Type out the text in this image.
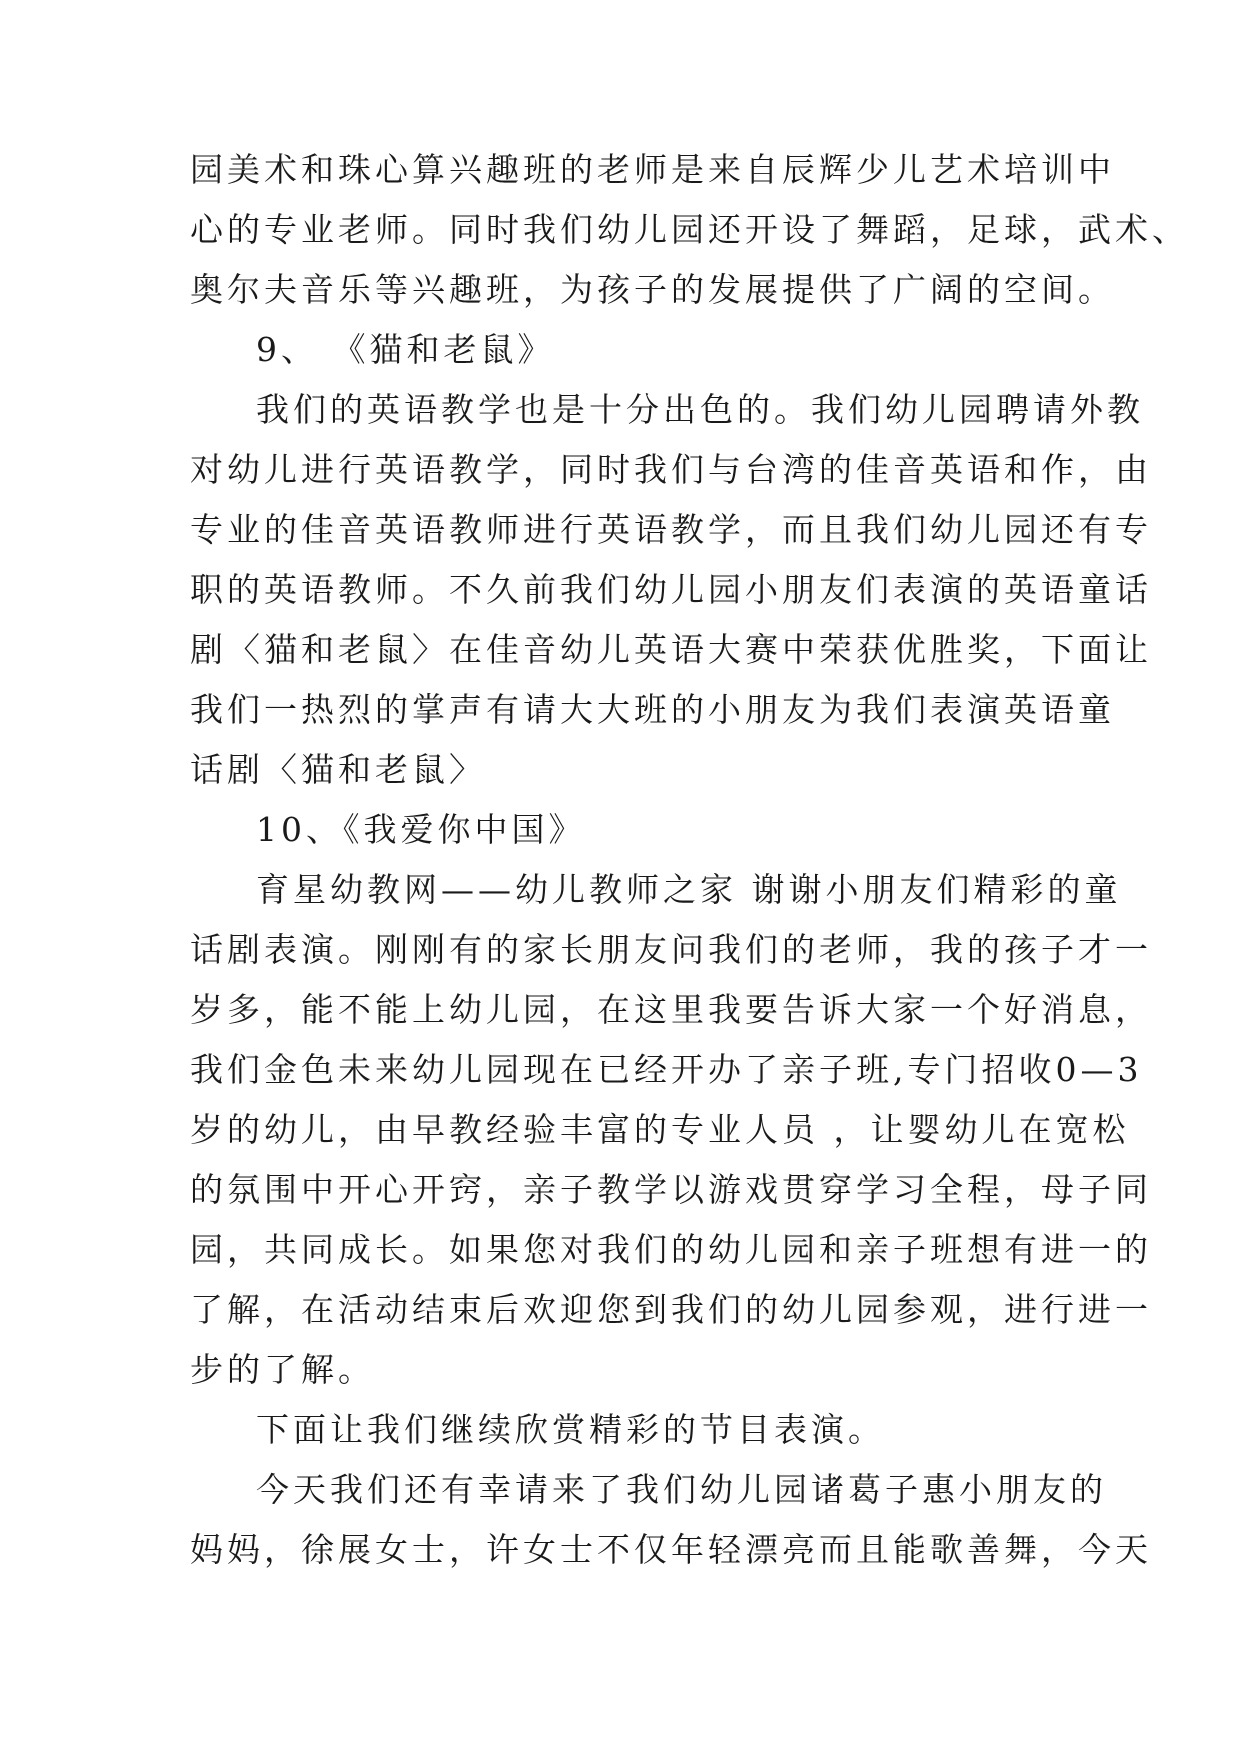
园美术和珠心算兴趣班的老师是来自辰辉少儿艺术培训中
心的专业老师。同时我们幼儿园还开设了舞蹈，足球，武术、
奥尔夫音乐等兴趣班，为孩子的发展提供了广阔的空间。
9、 《猫和老鼠》
我们的英语教学也是十分出色的。我们幼儿园聘请外教
对幼儿进行英语教学，同时我们与台湾的佳音英语和作，由
专业的佳音英语教师进行英语教学，而且我们幼儿园还有专
职的英语教师。不久前我们幼儿园小朋友们表演的英语童话
剧〈猫和老鼠〉在佳音幼儿英语大赛中荣获优胜奖，下面让
我们一热烈的掌声有请大大班的小朋友为我们表演英语童
话剧〈猫和老鼠〉
10、《我爱你中国》
育星幼教网——幼儿教师之家 谢谢小朋友们精彩的童
话剧表演。刚刚有的家长朋友问我们的老师，我的孩子才一
岁多，能不能上幼儿园，在这里我要告诉大家一个好消息，
我们金色未来幼儿园现在已经开办了亲子班,专门招收0—3
岁的幼儿，由早教经验丰富的专业人员 ，让婴幼儿在宽松
的氛围中开心开窍，亲子教学以游戏贯穿学习全程，母子同
园，共同成长。如果您对我们的幼儿园和亲子班想有进一的
了解，在活动结束后欢迎您到我们的幼儿园参观，进行进一
步的了解。
下面让我们继续欣赏精彩的节目表演。
今天我们还有幸请来了我们幼儿园诸葛子惠小朋友的
妈妈，徐展女士，许女士不仅年轻漂亮而且能歌善舞，今天
